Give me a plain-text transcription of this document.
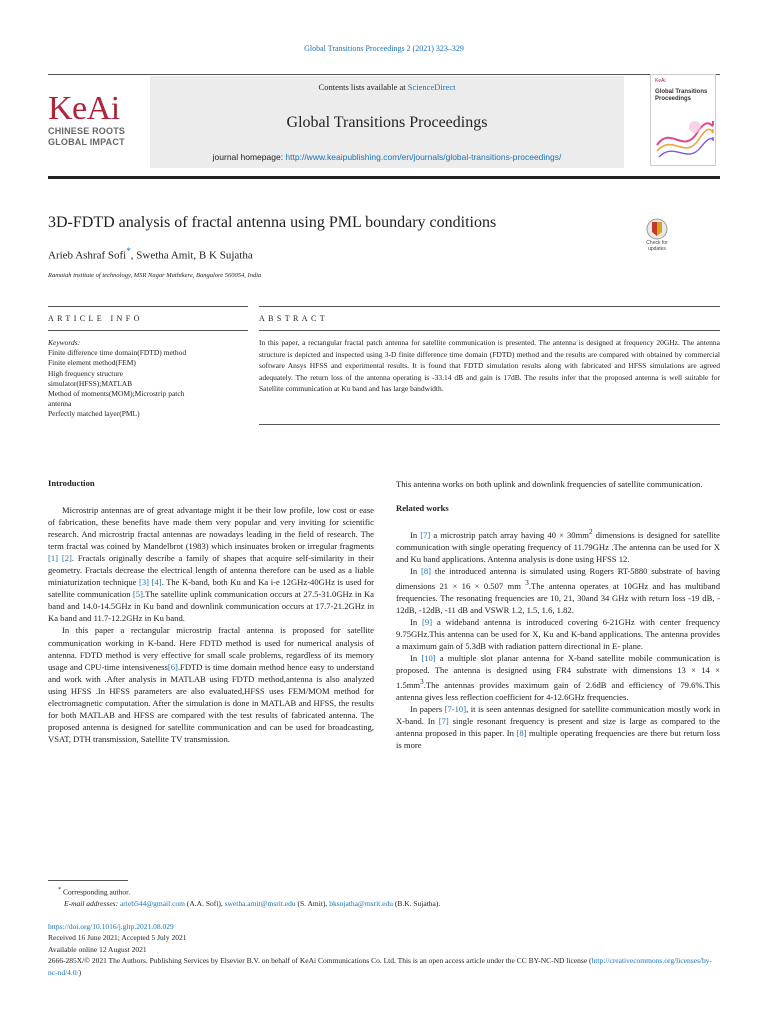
Global Transitions Proceedings 2 (2021) 323–329
Contents lists available at ScienceDirect
Global Transitions Proceedings
journal homepage: http://www.keaipublishing.com/en/journals/global-transitions-proceedings/
KeAi
CHINESE ROOTS
GLOBAL IMPACT
KeAi
Global Transitions Proceedings
3D-FDTD analysis of fractal antenna using PML boundary conditions
Arieb Ashraf Sofi*, Swetha Amit, B K Sujatha
Ramaiah institute of technology, MSR Nagar Mathikere, Bangalore 560054, India
Check for updates
ARTICLE INFO	ABSTRACT
Keywords:
Finite difference time domain(FDTD) method
Finite element method(FEM)
High frequency structure
simulator(HFSS);MATLAB
Method of moments(MOM);Microstrip patch
antenna
Perfectly matched layer(PML)
In this paper, a rectangular fractal patch antenna for satellite communication is presented. The antenna is designed at frequency 20GHz. The antenna structure is depicted and inspected using 3-D finite difference time domain (FDTD) method and the results are compared with obtained by commercial software Ansys HFSS and experimental results. It is found that FDTD simulation results along with fabricated and HFSS simulations are agreed adequately. The return loss of the antenna operating is -33.14 dB and gain is 17dB. The results infer that the proposed antenna is well suitable for Satellite communication at Ku band and has large bandwidth.
Introduction

Microstrip antennas are of great advantage might it be their low profile, low cost or ease of fabrication, these benefits have made them very popular and very inviting for scientific research. And microstrip fractal antennas are nowadays leading in the field of research. The term fractal was coined by Mandelbrot (1983) which insinuates broken or irregular fragments [1] [2]. Fractals originally describe a family of shapes that acquire self-similarity in their geometry. Fractals decrease the electrical length of antenna therefore can be used as a liable miniaturization technique [3] [4]. The K-band, both Ku and Ka i-e 12GHz-40GHz is used for satellite communication [5].The satellite uplink communication occurs at 27.5-31.0GHz in Ka band and 14.0-14.5GHz in Ku band and downlink communication occurs at 17.7-21.2GHz in Ka band and 11.7-12.2GHz in Ku band.

In this paper a rectangular microstrip fractal antenna is proposed for satellite communication working in K-band. Here FDTD method is used for numerical analysis of antenna. FDTD method is very effective for small scale problems, regardless of its memory usage and CPU-time intensiveness[6].FDTD is time domain method hence easy to understand and work with .After analysis in MATLAB using FDTD method,antenna is also analyzed using HFSS .In HFSS parameters are also evaluated,HFSS uses FEM/MOM method for electromagnetic computation. After the simulation is done in MATLAB and HFSS, the results for both MATLAB and HFSS are compared with the test results of fabricated antenna. The proposed antenna is designed for satellite communication and can be used for broadcasting, VSAT, DTH transmission, Satellite TV transmission.

This antenna works on both uplink and downlink frequencies of satellite communication.

Related works

In [7] a microstrip patch array having $40 \times 30mm^2$ dimensions is designed for satellite communication with single operating frequency of 11.79GHz .The antenna can be used for X and Ku band applications. Antenna analysis is done using HFSS 12.

In [8] the introduced antenna is simulated using Rogers RT-5880 substrate of having dimensions 21 × 16 × 0.507 mm $^3$.The antenna operates at 10GHz and has multiband frequencies. The resonating frequencies are 10, 21, 30and 34 GHz with return loss -19 dB, - 12dB, -12dB, -11 dB and VSWR 1.2, 1.5, 1.6, 1.82.

In [9] a wideband antenna is introduced covering 6-21GHz with center frequency 9.75GHz.This antenna can be used for X, Ku and K-band applications. The antenna provides a maximum gain of 5.3dB with radiation pattern directional in E- plane.

In [10] a multiple slot planar antenna for X-band satellite mobile communication is proposed. The antenna is designed using FR4 substrate with dimensions $13 \times 14 \times 1.5mm^3.The$ antennas provides maximum gain of 2.6dB and efficiency of 79.6%.This antenna gives less reflection coefficient for 4-12.6GHz frequencies.

In papers [7-10], it is seen antennas designed for satellite communication mostly work in X-band. In [7] single resonant frequency is present and size is large as compared to the antenna proposed in this paper. In [8] multiple operating frequencies are there but return loss is more

* Corresponding author.
E-mail addresses: arieb544@gmail.com (A.A. Sofi), swetha.amit@msrit.edu (S. Amit), bksujatha@msrit.edu (B.K. Sujatha).
https://doi.org/10.1016/j.gltp.2021.08.029
Received 16 June 2021; Accepted 5 July 2021
Available online 12 August 2021
2666-285X/© 2021 The Authors. Publishing Services by Elsevier B.V. on behalf of KeAi Communications Co. Ltd. This is an open access article under the CC BY-NC-ND license (http://creativecommons.org/licenses/by-nc-nd/4.0/)
